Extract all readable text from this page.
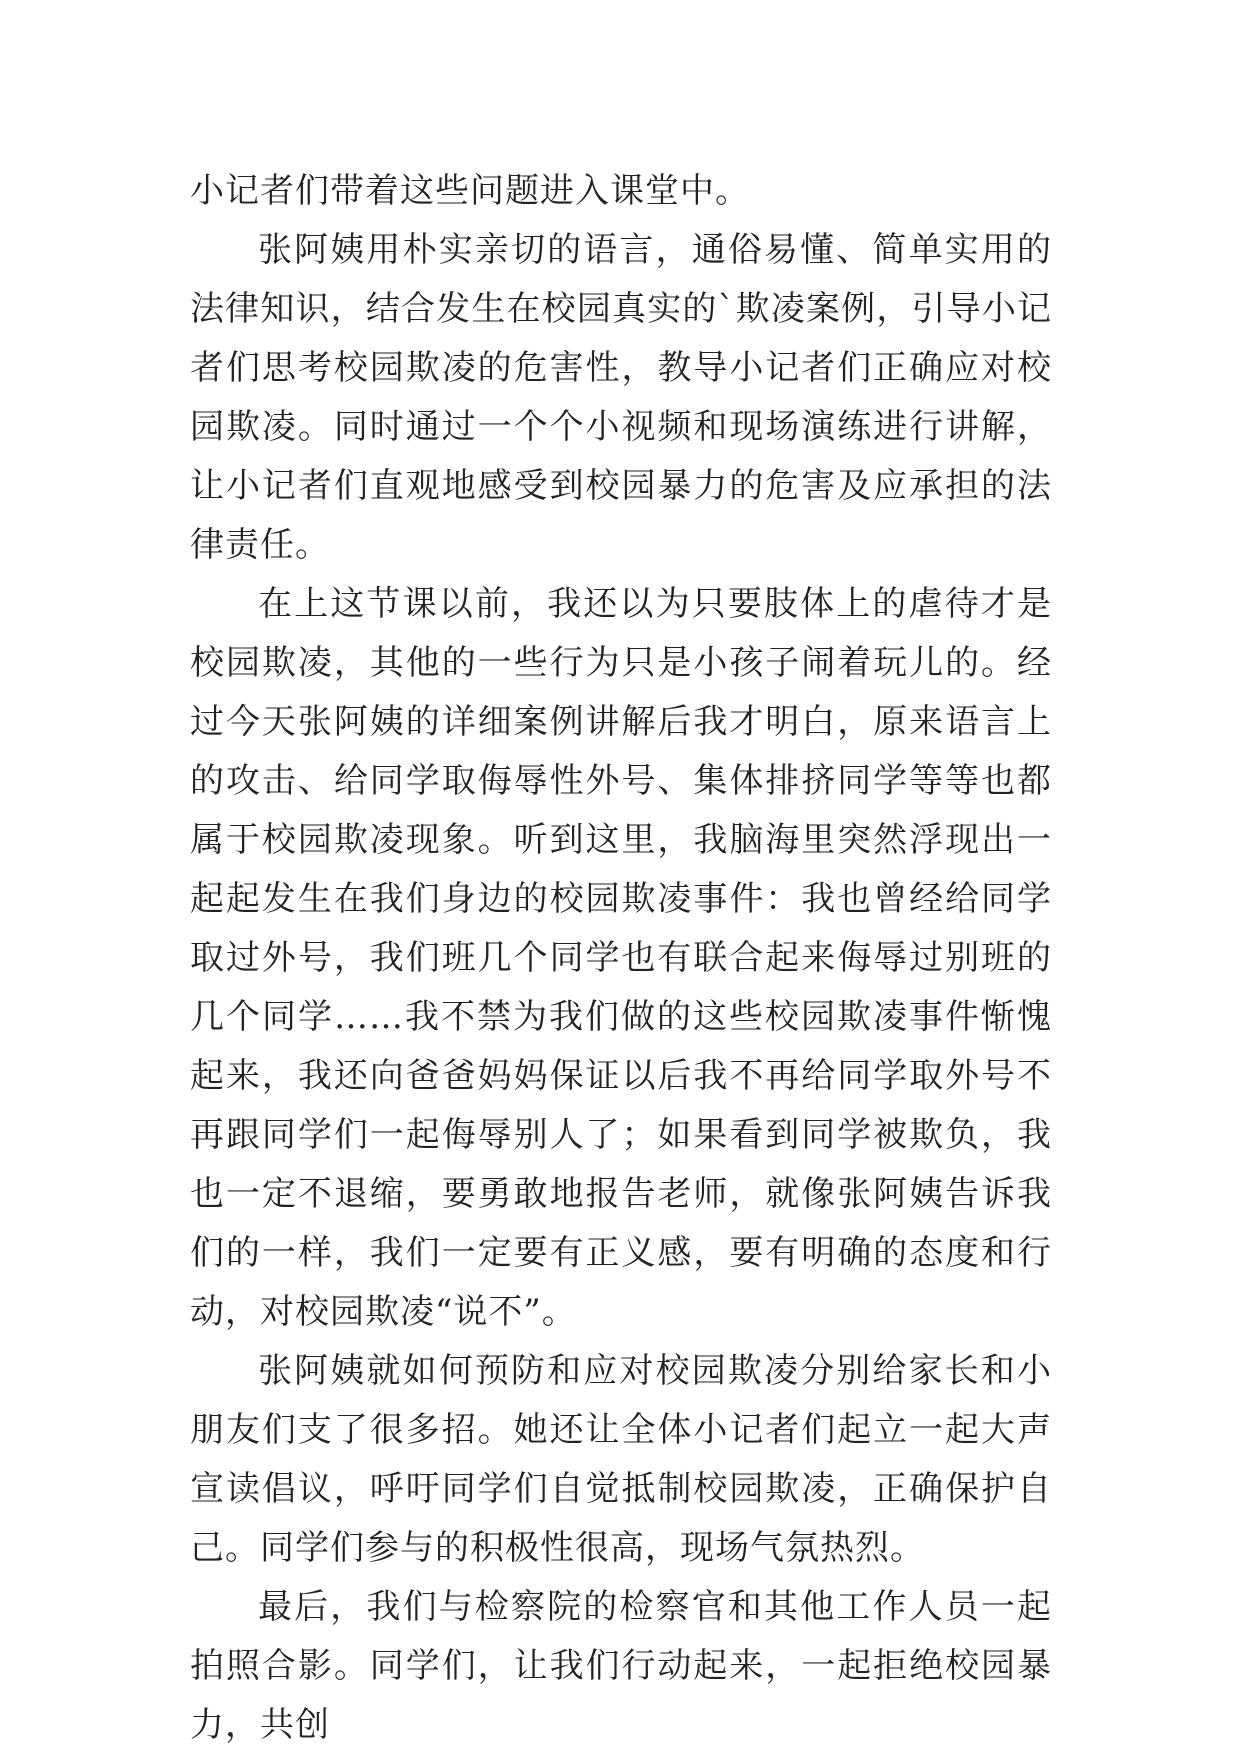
小记者们带着这些问题进入课堂中。

张阿姨用朴实亲切的语言，通俗易懂、简单实用的法律知识，结合发生在校园真实的`欺凌案例，引导小记者们思考校园欺凌的危害性，教导小记者们正确应对校园欺凌。同时通过一个个小视频和现场演练进行讲解，让小记者们直观地感受到校园暴力的危害及应承担的法律责任。

在上这节课以前，我还以为只要肢体上的虐待才是校园欺凌，其他的一些行为只是小孩子闹着玩儿的。经过今天张阿姨的详细案例讲解后我才明白，原来语言上的攻击、给同学取侮辱性外号、集体排挤同学等等也都属于校园欺凌现象。听到这里，我脑海里突然浮现出一起起发生在我们身边的校园欺凌事件：我也曾经给同学取过外号，我们班几个同学也有联合起来侮辱过别班的几个同学……我不禁为我们做的这些校园欺凌事件惭愧起来，我还向爸爸妈妈保证以后我不再给同学取外号不再跟同学们一起侮辱别人了；如果看到同学被欺负，我也一定不退缩，要勇敢地报告老师，就像张阿姨告诉我们的一样，我们一定要有正义感，要有明确的态度和行动，对校园欺凌“说不”。

张阿姨就如何预防和应对校园欺凌分别给家长和小朋友们支了很多招。她还让全体小记者们起立一起大声宣读倡议，呼吁同学们自觉抵制校园欺凌，正确保护自己。同学们参与的积极性很高，现场气氛热烈。

最后，我们与检察院的检察官和其他工作人员一起拍照合影。同学们，让我们行动起来，一起拒绝校园暴力，共创
